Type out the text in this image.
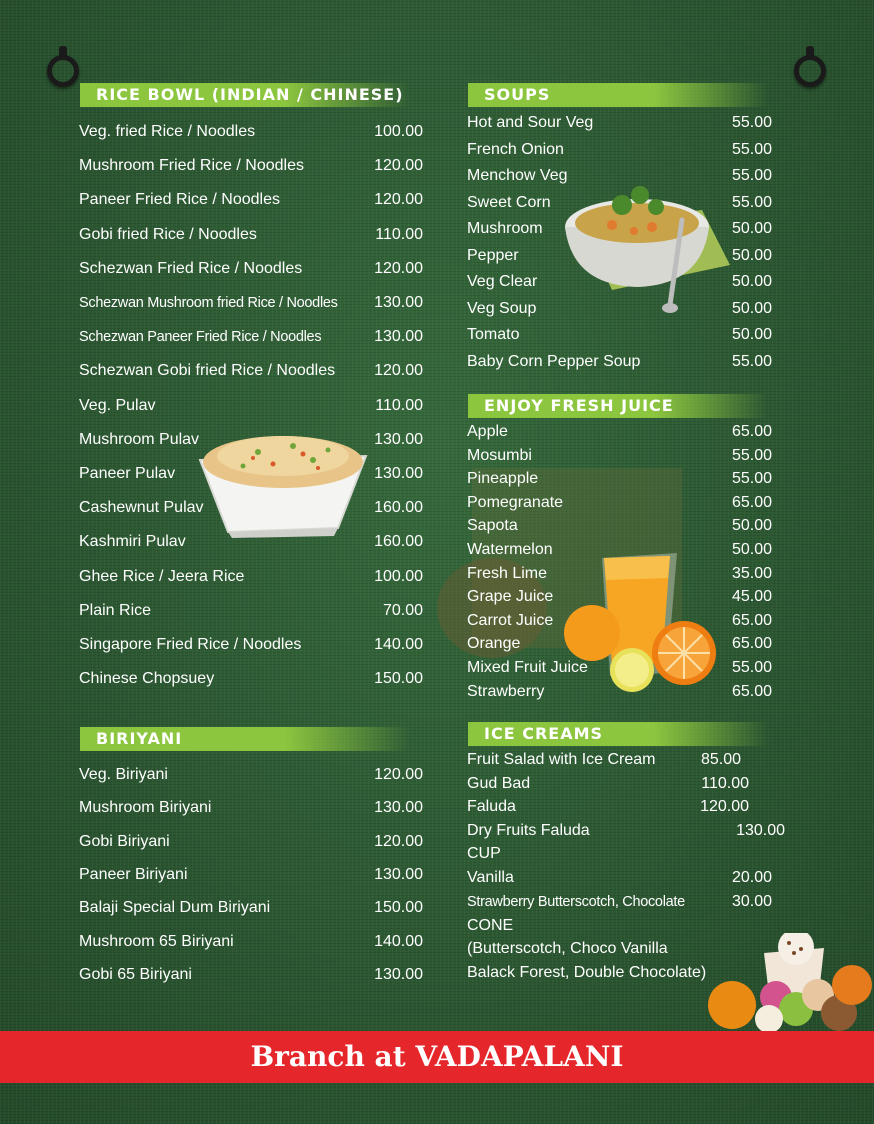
RICE BOWL (INDIAN / CHINESE)
Veg. fried Rice / Noodles	100.00
Mushroom Fried Rice / Noodles	120.00
Paneer Fried Rice / Noodles	120.00
Gobi fried Rice / Noodles	110.00
Schezwan Fried Rice / Noodles	120.00
Schezwan Mushroom fried Rice / Noodles 130.00
Schezwan Paneer Fried Rice / Noodles	130.00
Schezwan Gobi fried Rice / Noodles 120.00
Veg. Pulav	110.00
Mushroom Pulav	130.00
Paneer Pulav	130.00
Cashewnut Pulav	160.00
Kashmiri Pulav	160.00
Ghee Rice / Jeera Rice	100.00
Plain Rice	70.00
Singapore Fried Rice / Noodles	140.00
Chinese Chopsuey	150.00
BIRIYANI
Veg. Biriyani	120.00
Mushroom Biriyani	130.00
Gobi Biriyani	120.00
Paneer Biriyani	130.00
Balaji Special Dum Biriyani	150.00
Mushroom 65 Biriyani	140.00
Gobi 65 Biriyani	130.00
SOUPS
Hot and Sour Veg	55.00
French Onion	55.00
Menchow Veg	55.00
Sweet Corn	55.00
Mushroom	50.00
Pepper	50.00
Veg Clear	50.00
Veg Soup	50.00
Tomato	50.00
Baby Corn Pepper Soup	55.00
ENJOY FRESH JUICE
Apple	65.00
Mosumbi	55.00
Pineapple	55.00
Pomegranate	65.00
Sapota	50.00
Watermelon	50.00
Fresh Lime	35.00
Grape Juice	45.00
Carrot Juice	65.00
Orange	65.00
Mixed Fruit Juice	55.00
Strawberry	65.00
ICE CREAMS
Fruit Salad with Ice Cream	85.00
Gud Bad	110.00
Faluda	120.00
Dry Fruits Faluda	130.00
CUP
Vanilla	20.00
Strawberry Butterscotch, Chocolate	30.00
CONE
(Butterscotch, Choco Vanilla
Balack Forest, Double Chocolate)
Branch at VADAPALANI
